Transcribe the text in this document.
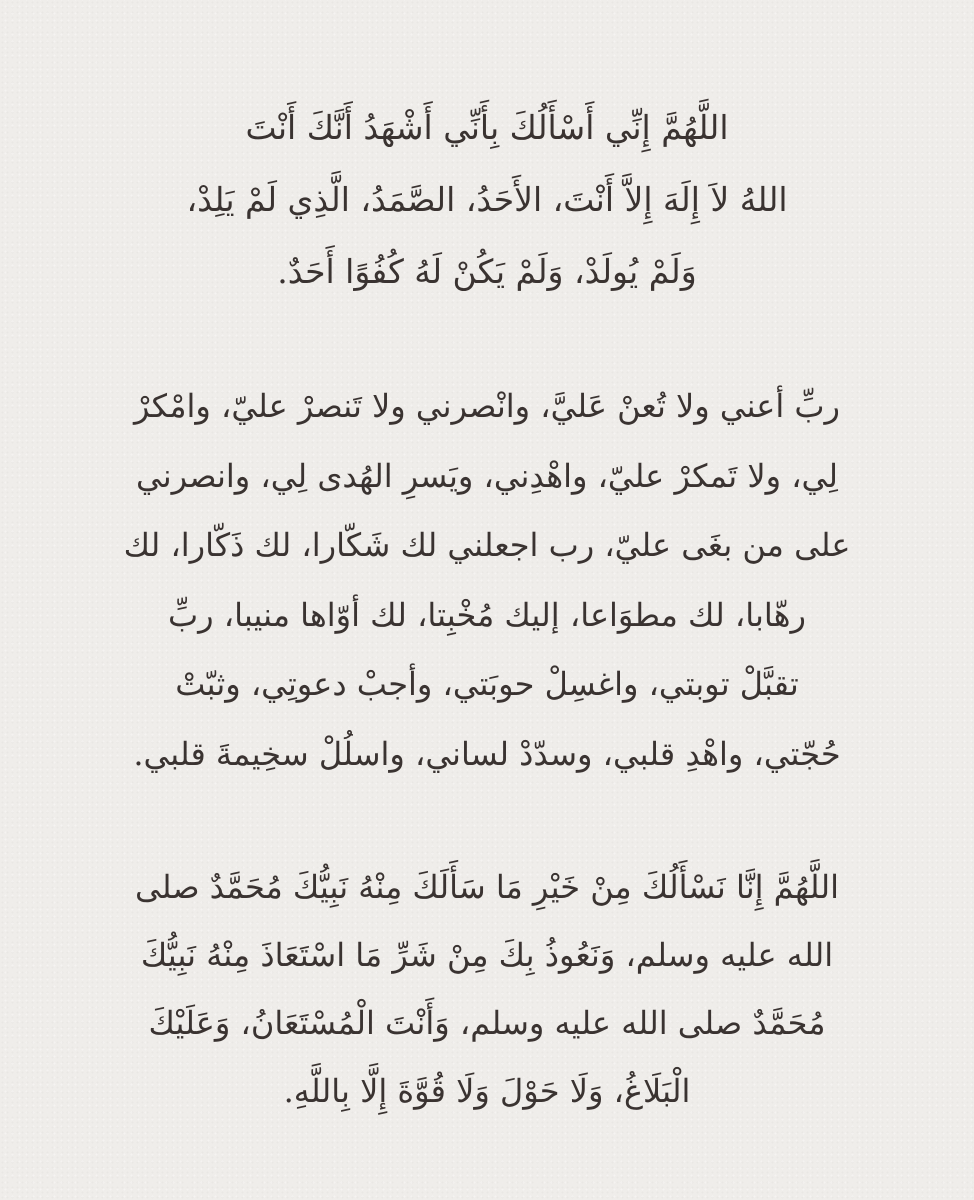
اللَّهُمَّ إِنِّي أَسْأَلُكَ بِأَنِّي أَشْهَدُ أَنَّكَ أَنْتَ
اللهُ لاَ إِلَهَ إِلاَّ أَنْتَ، الأَحَدُ، الصَّمَدُ، الَّذِي لَمْ يَلِدْ،
وَلَمْ يُولَدْ، وَلَمْ يَكُنْ لَهُ كُفُوًا أَحَدٌ.
ربِّ أعني ولا تُعنْ عَليَّ، وانْصرني ولا تَنصرْ عليّ، وامْكرْ
لِي، ولا تَمكرْ عليّ، واهْدِني، ويَسرِ الهُدى لِي، وانصرني
على من بغَى عليّ، رب اجعلني لك شَكّارا، لك ذَكّارا، لك
رهّابا، لك مطوَاعا، إليك مُخْبِتا، لك أوّاها منيبا، ربِّ
تقبَّلْ توبتي، واغسِلْ حوبَتي، وأجبْ دعوتِي، وثبّتْ
حُجّتي، واهْدِ قلبي، وسدّدْ لساني، واسلُلْ سخِيمةَ قلبي.
اللَّهُمَّ إِنَّا نَسْأَلُكَ مِنْ خَيْرِ مَا سَأَلَكَ مِنْهُ نَبِيُّكَ مُحَمَّدٌ صلى
الله عليه وسلم، وَنَعُوذُ بِكَ مِنْ شَرِّ مَا اسْتَعَاذَ مِنْهُ نَبِيُّكَ
مُحَمَّدٌ صلى الله عليه وسلم، وَأَنْتَ الْمُسْتَعَانُ، وَعَلَيْكَ
الْبَلَاغُ، وَلَا حَوْلَ وَلَا قُوَّةَ إِلَّا بِاللَّهِ.
